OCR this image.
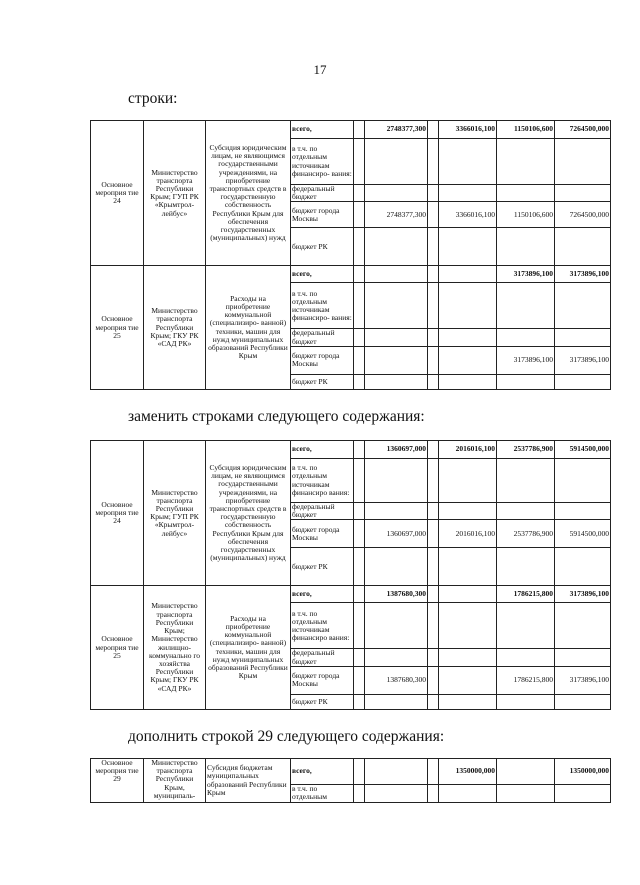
17
строки:
Основное мероприя тие 24	Министерство транспорта Республики Крым; ГУП РК «Крымтрол- лейбус»	Субсидия юридическим лицам, не являющимся государственными учреждениями, на приобретение транспортных средств в государственную собственность Республики Крым для обеспечения государственных (муниципальных) нужд	всего,		2748377,300		3366016,100	1150106,600	7264500,000
			в т.ч. по отдельным источникам финансиро- вания:						
			федеральный бюджет						
			бюджет города Москвы		2748377,300		3366016,100	1150106,600	7264500,000
			бюджет РК						
Основное мероприя тие 25	Министерство транспорта Республики Крым; ГКУ РК «САД РК»	Расходы на приобретение коммунальной (специализиро- ванной) техники, машин для нужд муниципальных образований Республики Крым	всего,					3173896,100	3173896,100
			в т.ч. по отдельным источникам финансиро- вания:						
			федеральный бюджет						
			бюджет города Москвы					3173896,100	3173896,100
			бюджет РК						
заменить строками следующего содержания:
Основное мероприя тие 24	Министерство транспорта Республики Крым; ГУП РК «Крымтрол- лейбус»	Субсидия юридическим лицам, не являющимся государственными учреждениями, на приобретение транспортных средств в государственную собственность Республики Крым для обеспечения государственных (муниципальных) нужд	всего,		1360697,000		2016016,100	2537786,900	5914500,000
			в т.ч. по отдельным источникам финансиро вания:						
			федеральный бюджет						
			бюджет города Москвы		1360697,000		2016016,100	2537786,900	5914500,000
			бюджет РК						
Основное мероприя тие 25	Министерство транспорта Республики Крым; Министерство жилищно- коммунально го хозяйства Республики Крым; ГКУ РК «САД РК»	Расходы на приобретение коммунальной (специализиро- ванной) техники, машин для нужд муниципальных образований Республики Крым	всего,		1387680,300			1786215,800	3173896,100
			в т.ч. по отдельным источникам финансиро вания:						
			федеральный бюджет						
			бюджет города Москвы		1387680,300			1786215,800	3173896,100
			бюджет РК						
дополнить строкой 29 следующего содержания:
Основное мероприя тие 29	Министерство транспорта Республики Крым, муниципаль-	Субсидия бюджетам муниципальных образований Республики Крым	всего,				1350000,000		1350000,000
			в т.ч. по отдельным						
